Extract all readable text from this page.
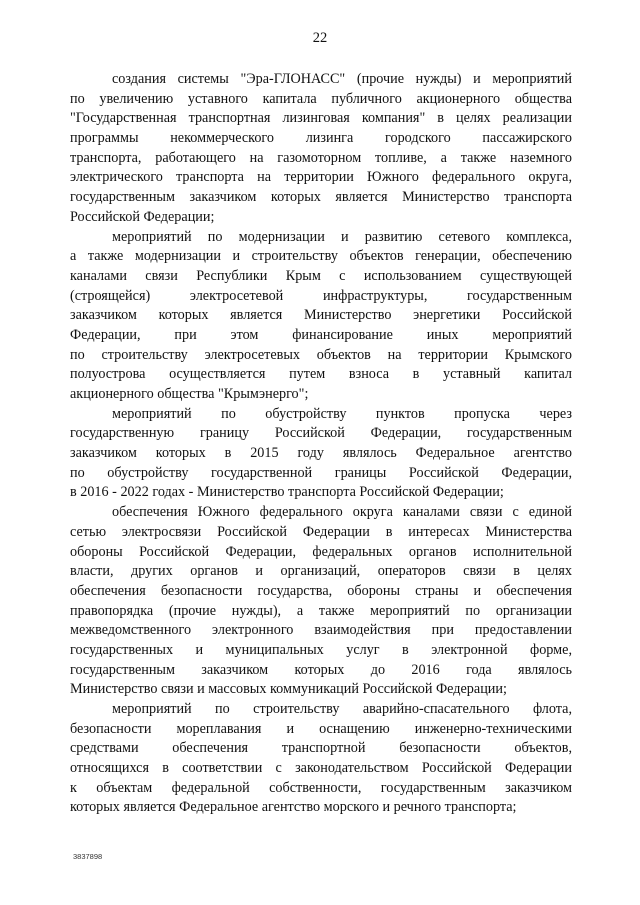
22
создания системы "Эра-ГЛОНАСС" (прочие нужды) и мероприятий
по увеличению уставного капитала публичного акционерного общества
"Государственная транспортная лизинговая компания" в целях реализации
программы некоммерческого лизинга городского пассажирского
транспорта, работающего на газомоторном топливе, а также наземного
электрического транспорта на территории Южного федерального округа,
государственным заказчиком которых является Министерство транспорта
Российской Федерации;
мероприятий по модернизации и развитию сетевого комплекса,
а также модернизации и строительству объектов генерации, обеспечению
каналами связи Республики Крым с использованием существующей
(строящейся) электросетевой инфраструктуры, государственным
заказчиком которых является Министерство энергетики Российской
Федерации, при этом финансирование иных мероприятий
по строительству электросетевых объектов на территории Крымского
полуострова осуществляется путем взноса в уставный капитал
акционерного общества "Крымэнерго";
мероприятий по обустройству пунктов пропуска через
государственную границу Российской Федерации, государственным
заказчиком которых в 2015 году являлось Федеральное агентство
по обустройству государственной границы Российской Федерации,
в 2016 - 2022 годах - Министерство транспорта Российской Федерации;
обеспечения Южного федерального округа каналами связи с единой
сетью электросвязи Российской Федерации в интересах Министерства
обороны Российской Федерации, федеральных органов исполнительной
власти, других органов и организаций, операторов связи в целях
обеспечения безопасности государства, обороны страны и обеспечения
правопорядка (прочие нужды), а также мероприятий по организации
межведомственного электронного взаимодействия при предоставлении
государственных и муниципальных услуг в электронной форме,
государственным заказчиком которых до 2016 года являлось
Министерство связи и массовых коммуникаций Российской Федерации;
мероприятий по строительству аварийно-спасательного флота,
безопасности мореплавания и оснащению инженерно-техническими
средствами обеспечения транспортной безопасности объектов,
относящихся в соответствии с законодательством Российской Федерации
к объектам федеральной собственности, государственным заказчиком
которых является Федеральное агентство морского и речного транспорта;
3837898
